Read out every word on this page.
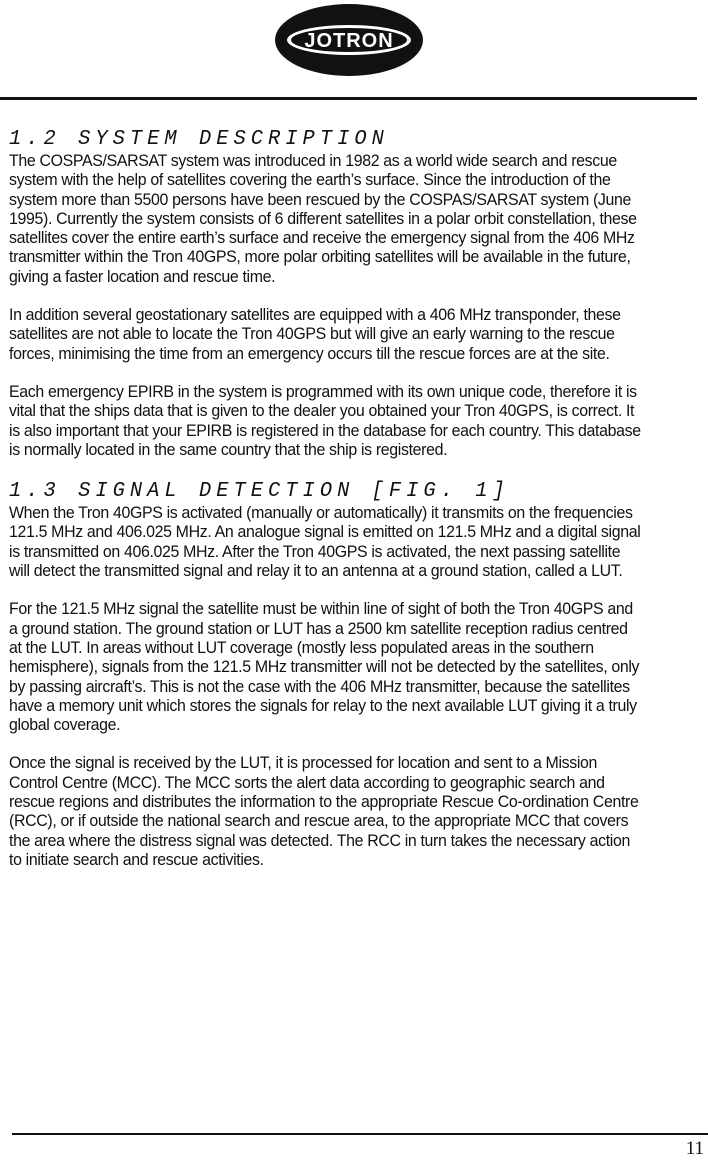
JOTRON
1.2 SYSTEM DESCRIPTION

The COSPAS/SARSAT system was introduced in 1982 as a world wide search and rescue system with the help of satellites covering the earth’s surface. Since the introduction of the system more than 5500 persons have been rescued by the COSPAS/SARSAT system (June 1995). Currently the system consists of 6 different satellites in a polar orbit constellation, these satellites cover the entire earth’s surface and receive the emergency signal from the 406 MHz transmitter within the Tron 40GPS, more polar orbiting satellites will be available in the future, giving a faster location and rescue time.

In addition several geostationary satellites are equipped with a 406 MHz transponder, these satellites are not able to locate the Tron 40GPS but will give an early warning to the rescue forces, minimising the time from an emergency occurs till the rescue forces are at the site.

Each emergency EPIRB in the system is programmed with its own unique code, therefore it is vital that the ships data that is given to the dealer you obtained your Tron 40GPS, is correct. It is also important that your EPIRB is registered in the database for each country. This database is normally located in the same country that the ship is registered.

1.3 SIGNAL DETECTION [FIG. 1]

When the Tron 40GPS is activated (manually or automatically) it transmits on the frequencies 121.5 MHz and 406.025 MHz. An analogue signal is emitted on 121.5 MHz and a digital signal is transmitted on 406.025 MHz. After the Tron 40GPS is activated, the next passing satellite will detect the transmitted signal and relay it to an antenna at a ground station, called a LUT.

For the 121.5 MHz signal the satellite must be within line of sight of both the Tron 40GPS and a ground station. The ground station or LUT has a 2500 km satellite reception radius centred at the LUT. In areas without LUT coverage (mostly less populated areas in the southern hemisphere), signals from the 121.5 MHz transmitter will not be detected by the satellites, only by passing aircraft’s. This is not the case with the 406 MHz transmitter, because the satellites have a memory unit which stores the signals for relay to the next available LUT giving it a truly global coverage.

Once the signal is received by the LUT, it is processed for location and sent to a Mission Control Centre (MCC). The MCC sorts the alert data according to geographic search and rescue regions and distributes the information to the appropriate Rescue Co-ordination Centre (RCC), or if outside the national search and rescue area, to the appropriate MCC that covers the area where the distress signal was detected. The RCC in turn takes the necessary action to initiate search and rescue activities.

11
